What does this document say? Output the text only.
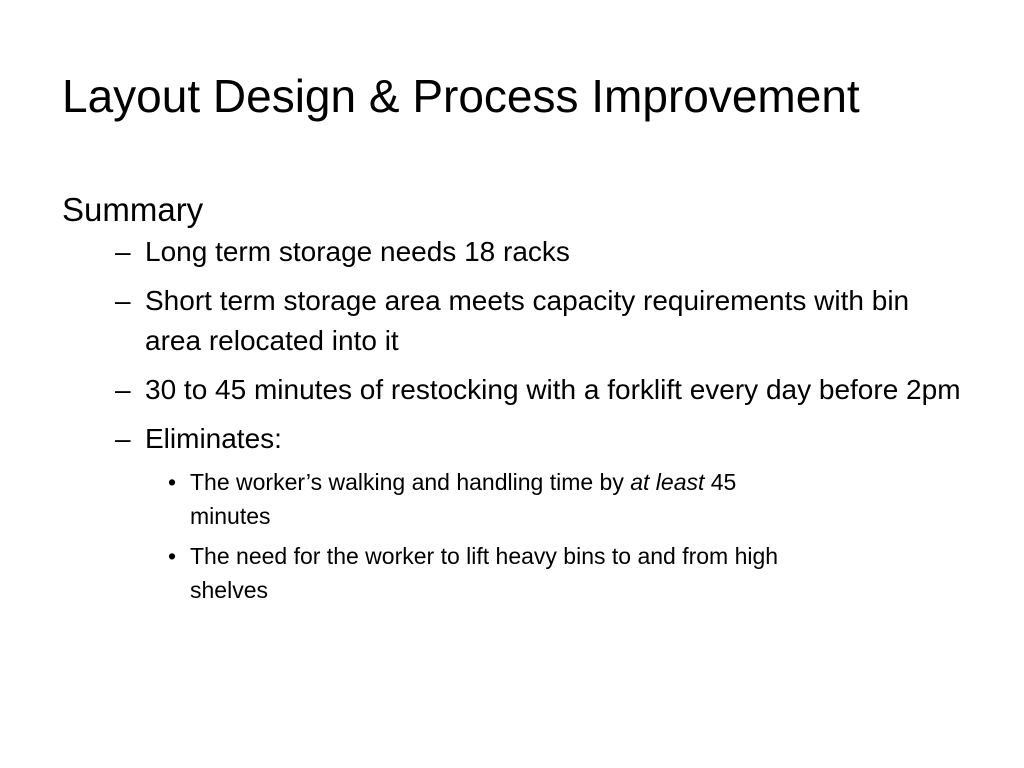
Layout Design & Process Improvement

Summary

– Long term storage needs 18 racks
– Short term storage area meets capacity requirements with bin area relocated into it
– 30 to 45 minutes of restocking with a forklift every day before 2pm
– Eliminates:
• The worker’s walking and handling time by at least 45 minutes
• The need for the worker to lift heavy bins to and from high shelves
